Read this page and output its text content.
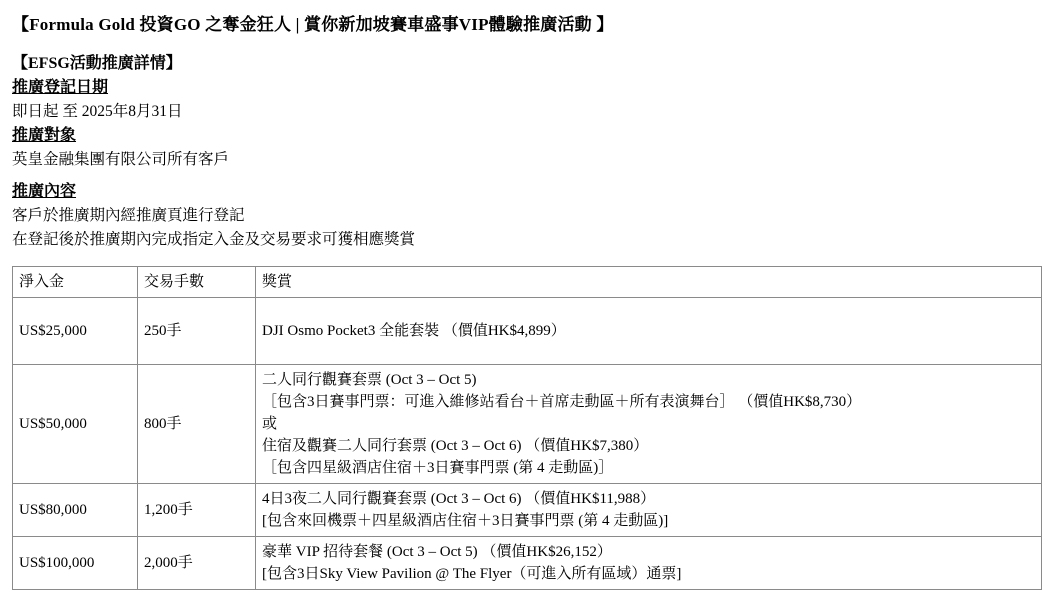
【Formula Gold 投資GO 之奪金狂人 | 賞你新加坡賽車盛事VIP體驗推廣活動 】
【EFSG活動推廣詳情】
推廣登記日期
即日起 至 2025年8月31日
推廣對象
英皇金融集團有限公司所有客戶
推廣內容
客戶於推廣期內經推廣頁進行登記
在登記後於推廣期內完成指定入金及交易要求可獲相應獎賞
淨入金	交易手數	獎賞
US$25,000	250手	DJI Osmo Pocket3 全能套裝 （價值HK$4,899）

US$50,000	800手	二人同行觀賽套票 (Oct 3 – Oct 5)
［包含3日賽事門票：可進入維修站看台＋首席走動區＋所有表演舞台］ （價值HK$8,730）
或
住宿及觀賽二人同行套票 (Oct 3 – Oct 6) （價值HK$7,380）
［包含四星級酒店住宿＋3日賽事門票 (第 4 走動區)］

US$80,000	1,200手	4日3夜二人同行觀賽套票 (Oct 3 – Oct 6) （價值HK$11,988）
[包含來回機票＋四星級酒店住宿＋3日賽事門票 (第 4 走動區)]

US$100,000	2,000手	豪華 VIP 招待套餐 (Oct 3 – Oct 5) （價值HK$26,152）
[包含3日Sky View Pavilion @ The Flyer（可進入所有區域）通票]
